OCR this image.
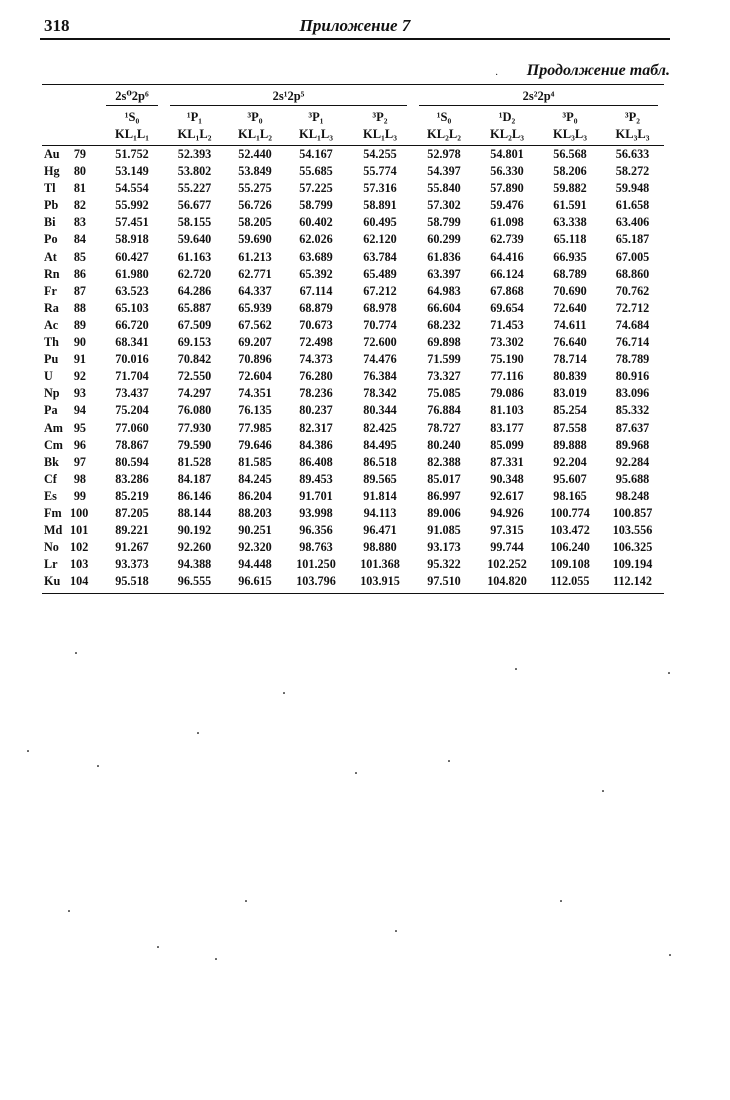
318	Приложение 7
Продолжение табл.
·

		2s⁰2p⁶	2s¹2p⁵				2s²2p⁴			

		¹S₀	¹P₁	³P₀	³P₁	³P₂	¹S₀	¹D₂	³P₀	³P₂
		KL₁L₁	KL₁L₂	KL₁L₂	KL₁L₃	KL₁L₃	KL₂L₂	KL₂L₃	KL₃L₃	KL₃L₃
Au	79	51.752	52.393	52.440	54.167	54.255	52.978	54.801	56.568	56.633
Hg	80	53.149	53.802	53.849	55.685	55.774	54.397	56.330	58.206	58.272
Tl	81	54.554	55.227	55.275	57.225	57.316	55.840	57.890	59.882	59.948
Pb	82	55.992	56.677	56.726	58.799	58.891	57.302	59.476	61.591	61.658
Bi	83	57.451	58.155	58.205	60.402	60.495	58.799	61.098	63.338	63.406
Po	84	58.918	59.640	59.690	62.026	62.120	60.299	62.739	65.118	65.187
At	85	60.427	61.163	61.213	63.689	63.784	61.836	64.416	66.935	67.005
Rn	86	61.980	62.720	62.771	65.392	65.489	63.397	66.124	68.789	68.860
Fr	87	63.523	64.286	64.337	67.114	67.212	64.983	67.868	70.690	70.762
Ra	88	65.103	65.887	65.939	68.879	68.978	66.604	69.654	72.640	72.712
Ac	89	66.720	67.509	67.562	70.673	70.774	68.232	71.453	74.611	74.684
Th	90	68.341	69.153	69.207	72.498	72.600	69.898	73.302	76.640	76.714
Pu	91	70.016	70.842	70.896	74.373	74.476	71.599	75.190	78.714	78.789
U	92	71.704	72.550	72.604	76.280	76.384	73.327	77.116	80.839	80.916
Np	93	73.437	74.297	74.351	78.236	78.342	75.085	79.086	83.019	83.096
Pa	94	75.204	76.080	76.135	80.237	80.344	76.884	81.103	85.254	85.332
Am	95	77.060	77.930	77.985	82.317	82.425	78.727	83.177	87.558	87.637
Cm	96	78.867	79.590	79.646	84.386	84.495	80.240	85.099	89.888	89.968
Bk	97	80.594	81.528	81.585	86.408	86.518	82.388	87.331	92.204	92.284
Cf	98	83.286	84.187	84.245	89.453	89.565	85.017	90.348	95.607	95.688
Es	99	85.219	86.146	86.204	91.701	91.814	86.997	92.617	98.165	98.248
Fm	100	87.205	88.144	88.203	93.998	94.113	89.006	94.926	100.774	100.857
Md	101	89.221	90.192	90.251	96.356	96.471	91.085	97.315	103.472	103.556
No	102	91.267	92.260	92.320	98.763	98.880	93.173	99.744	106.240	106.325
Lr	103	93.373	94.388	94.448	101.250	101.368	95.322	102.252	109.108	109.194
Ku	104	95.518	96.555	96.615	103.796	103.915	97.510	104.820	112.055	112.142
